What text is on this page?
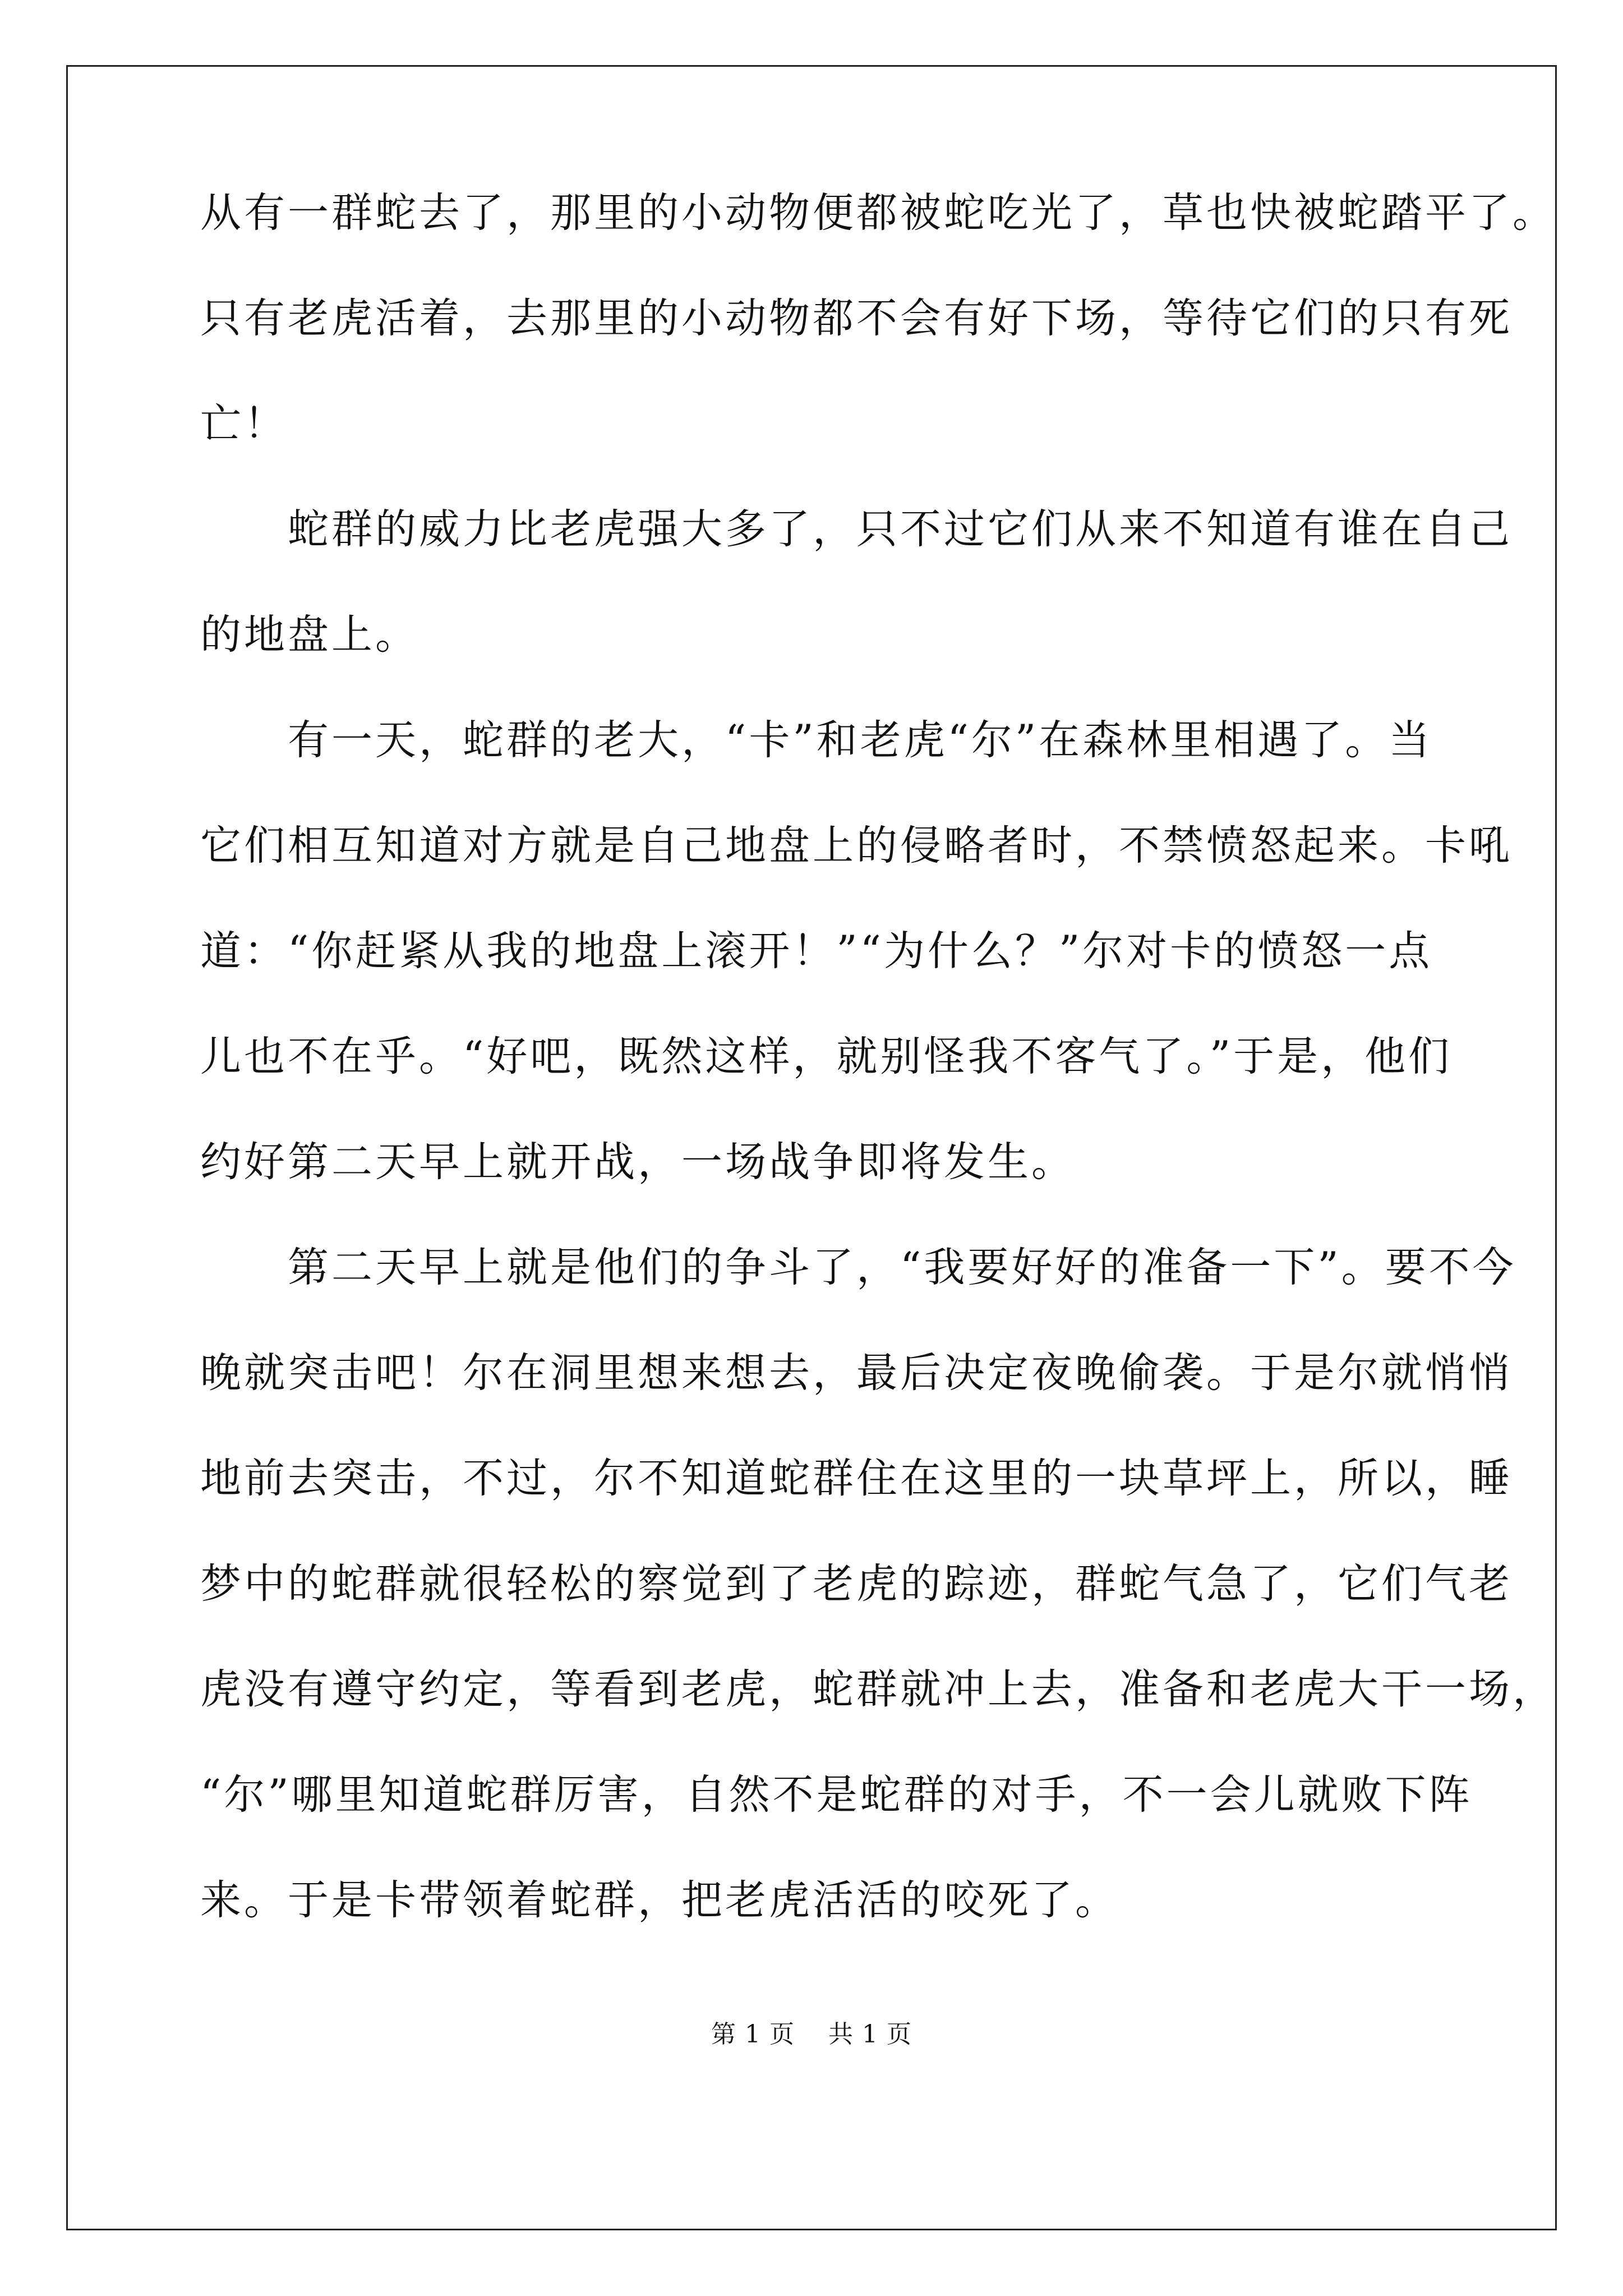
从有一群蛇去了，那里的小动物便都被蛇吃光了，草也快被蛇踏平了。
只有老虎活着，去那里的小动物都不会有好下场，等待它们的只有死
亡！
　　蛇群的威力比老虎强大多了，只不过它们从来不知道有谁在自己
的地盘上。
　　有一天，蛇群的老大，“卡”和老虎“尔”在森林里相遇了。当
它们相互知道对方就是自己地盘上的侵略者时，不禁愤怒起来。卡吼
道：“你赶紧从我的地盘上滚开！”“为什么？”尔对卡的愤怒一点
儿也不在乎。“好吧，既然这样，就别怪我不客气了。”于是，他们
约好第二天早上就开战，一场战争即将发生。
　　第二天早上就是他们的争斗了，“我要好好的准备一下”。要不今
晚就突击吧！尔在洞里想来想去，最后决定夜晚偷袭。于是尔就悄悄
地前去突击，不过，尔不知道蛇群住在这里的一块草坪上，所以，睡
梦中的蛇群就很轻松的察觉到了老虎的踪迹，群蛇气急了，它们气老
虎没有遵守约定，等看到老虎，蛇群就冲上去，准备和老虎大干一场，
“尔”哪里知道蛇群厉害，自然不是蛇群的对手，不一会儿就败下阵
来。于是卡带领着蛇群，把老虎活活的咬死了。
第 1 页　 共 1 页
